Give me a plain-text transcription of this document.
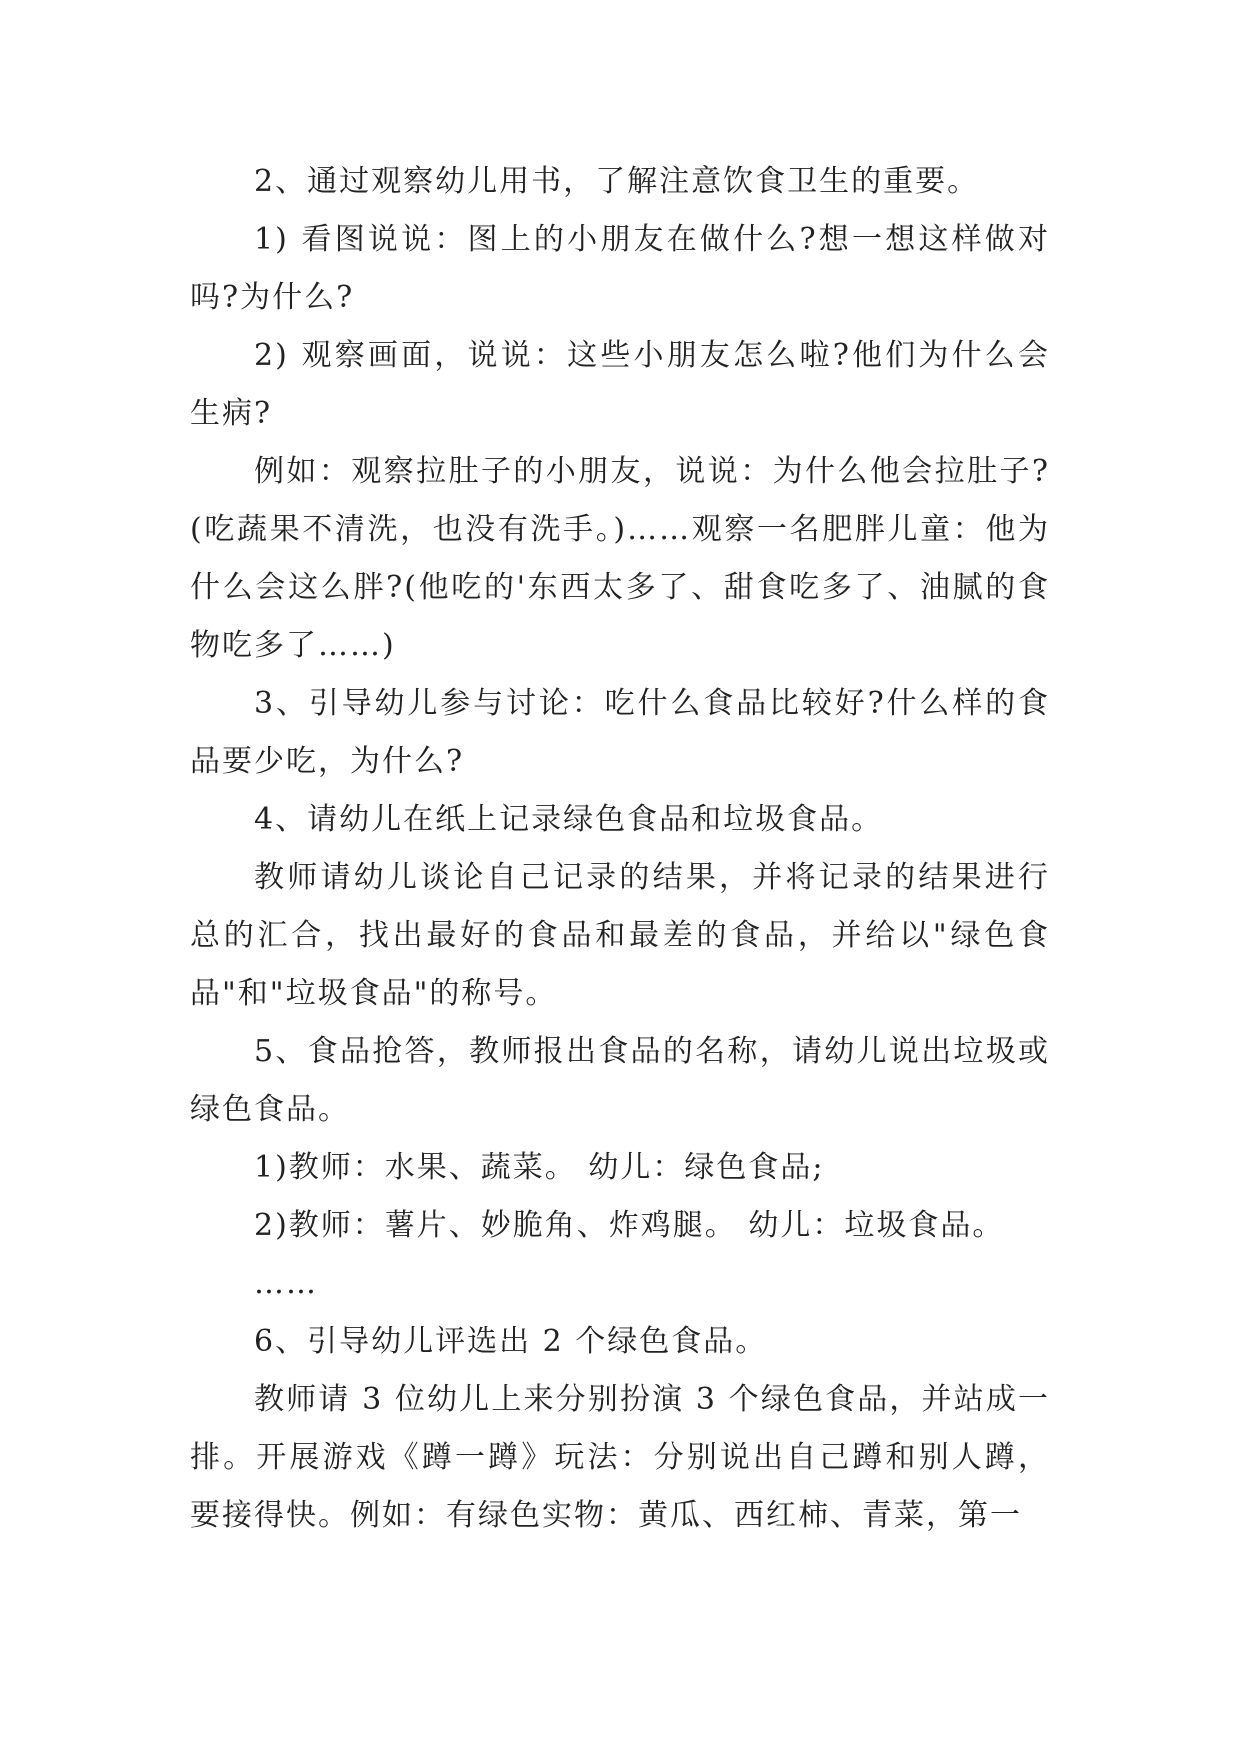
2、通过观察幼儿用书，了解注意饮食卫生的重要。

1) 看图说说：图上的小朋友在做什么?想一想这样做对吗?为什么?

2) 观察画面，说说：这些小朋友怎么啦?他们为什么会生病?

例如：观察拉肚子的小朋友，说说：为什么他会拉肚子?(吃蔬果不清洗，也没有洗手。)……观察一名肥胖儿童：他为什么会这么胖?(他吃的'东西太多了、甜食吃多了、油腻的食物吃多了……)

3、引导幼儿参与讨论：吃什么食品比较好?什么样的食品要少吃，为什么?

4、请幼儿在纸上记录绿色食品和垃圾食品。

教师请幼儿谈论自己记录的结果，并将记录的结果进行总的汇合，找出最好的食品和最差的食品，并给以"绿色食品"和"垃圾食品"的称号。

5、食品抢答，教师报出食品的名称，请幼儿说出垃圾或绿色食品。

1)教师：水果、蔬菜。 幼儿：绿色食品;

2)教师：薯片、妙脆角、炸鸡腿。 幼儿：垃圾食品。

……

6、引导幼儿评选出 2 个绿色食品。

教师请 3 位幼儿上来分别扮演 3 个绿色食品，并站成一排。开展游戏《蹲一蹲》玩法：分别说出自己蹲和别人蹲，要接得快。例如：有绿色实物：黄瓜、西红柿、青菜，第一
